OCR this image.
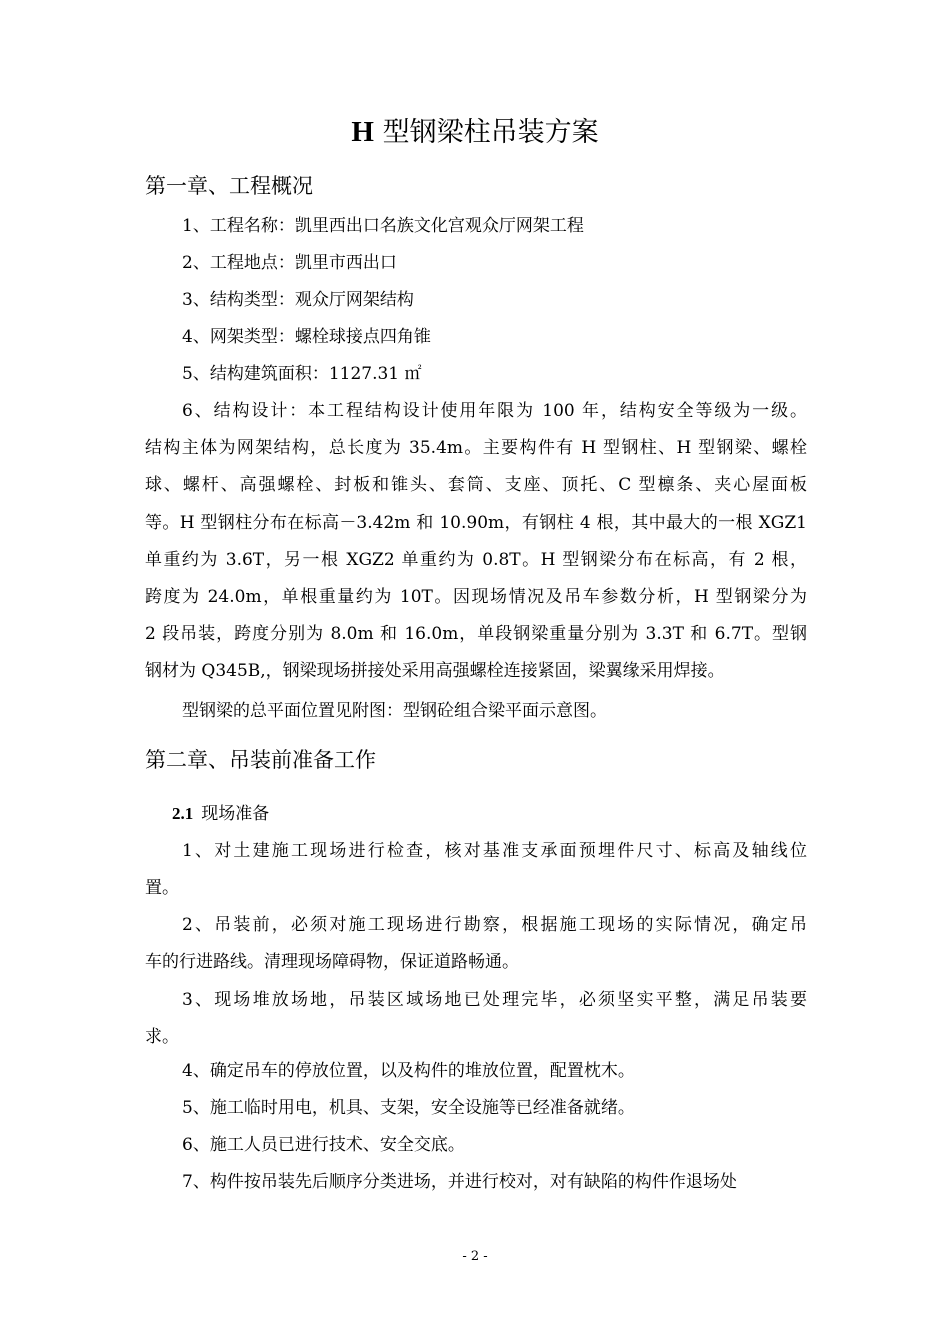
H 型钢梁柱吊装方案
第一章、工程概况
1、工程名称：凯里西出口名族文化宫观众厅网架工程
2、工程地点：凯里市西出口
3、结构类型：观众厅网架结构
4、网架类型：螺栓球接点四角锥
5、结构建筑面积：1127.31 ㎡
6、结构设计：本工程结构设计使用年限为 100 年，结构安全等级为一级。
结构主体为网架结构，总长度为 35.4m。主要构件有 H 型钢柱、H 型钢梁、螺栓
球、螺杆、高强螺栓、封板和锥头、套筒、支座、顶托、C 型檩条、夹心屋面板
等。H 型钢柱分布在标高－3.42m 和 10.90m，有钢柱 4 根，其中最大的一根 XGZ1
单重约为 3.6T，另一根 XGZ2 单重约为 0.8T。H 型钢梁分布在标高，有 2 根，
跨度为 24.0m，单根重量约为 10T。因现场情况及吊车参数分析，H 型钢梁分为
2 段吊装，跨度分别为 8.0m 和 16.0m，单段钢梁重量分别为 3.3T 和 6.7T。型钢
钢材为 Q345B,，钢梁现场拼接处采用高强螺栓连接紧固，梁翼缘采用焊接。
型钢梁的总平面位置见附图：型钢砼组合梁平面示意图。
第二章、吊装前准备工作
2.1 现场准备
1、对土建施工现场进行检查，核对基准支承面预埋件尺寸、标高及轴线位
置。
2、吊装前，必须对施工现场进行勘察，根据施工现场的实际情况，确定吊
车的行进路线。清理现场障碍物，保证道路畅通。
3、现场堆放场地，吊装区域场地已处理完毕，必须坚实平整，满足吊装要
求。
4、确定吊车的停放位置，以及构件的堆放位置，配置枕木。
5、施工临时用电，机具、支架，安全设施等已经准备就绪。
6、施工人员已进行技术、安全交底。
7、构件按吊装先后顺序分类进场，并进行校对，对有缺陷的构件作退场处
- 2 -
